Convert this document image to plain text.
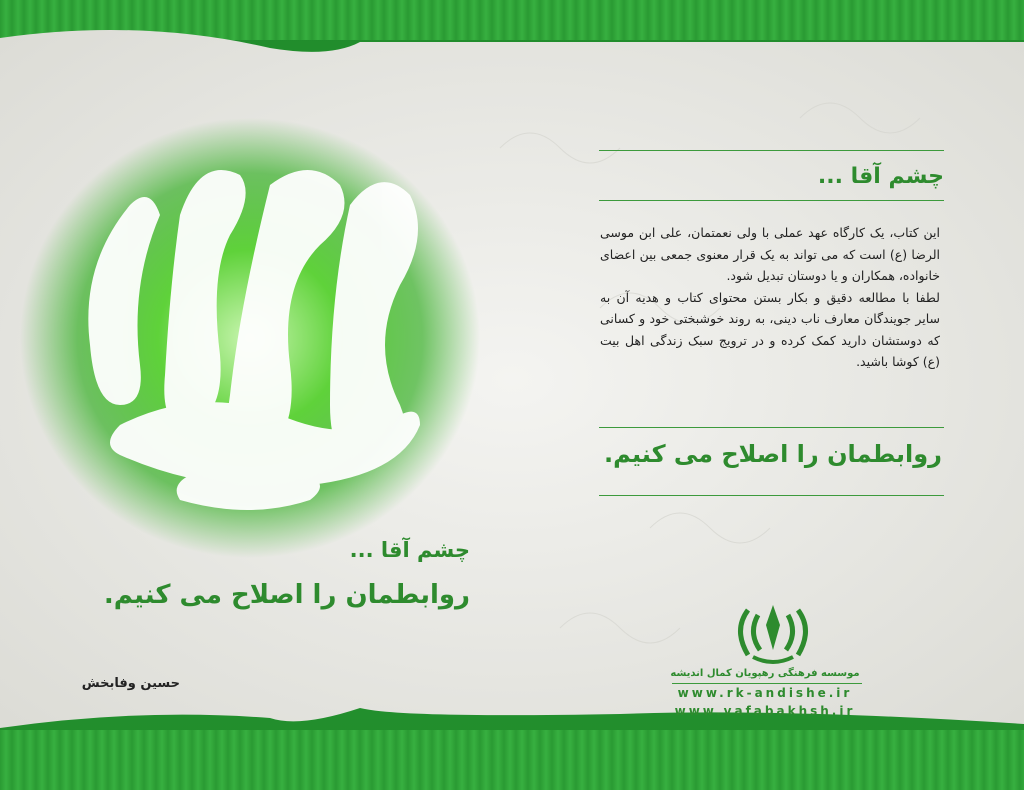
چشم آقا ...

این کتاب، یک کارگاه عهد عملی با ولی نعمتمان، علی ابن موسی الرضا (ع) است که می تواند به یک قرار معنوی جمعی بین اعضای خانواده، همکاران و یا دوستان تبدیل شود.

لطفا با مطالعه دقیق و بکار بستن محتوای کتاب و هدیه آن به سایر جویندگان معارف ناب دینی، به روند خوشبختی خود و کسانی که دوستشان دارید کمک کرده و در ترویج سبک زندگی اهل بیت (ع) کوشا باشید.

روابطمان را اصلاح می کنیم.
چشم آقا ...
روابطمان را اصلاح می کنیم.
حسین وفابخش
موسسه فرهنگی رهپویان کمال اندیشه
www.rk-andishe.ir
www.vafabakhsh.ir
